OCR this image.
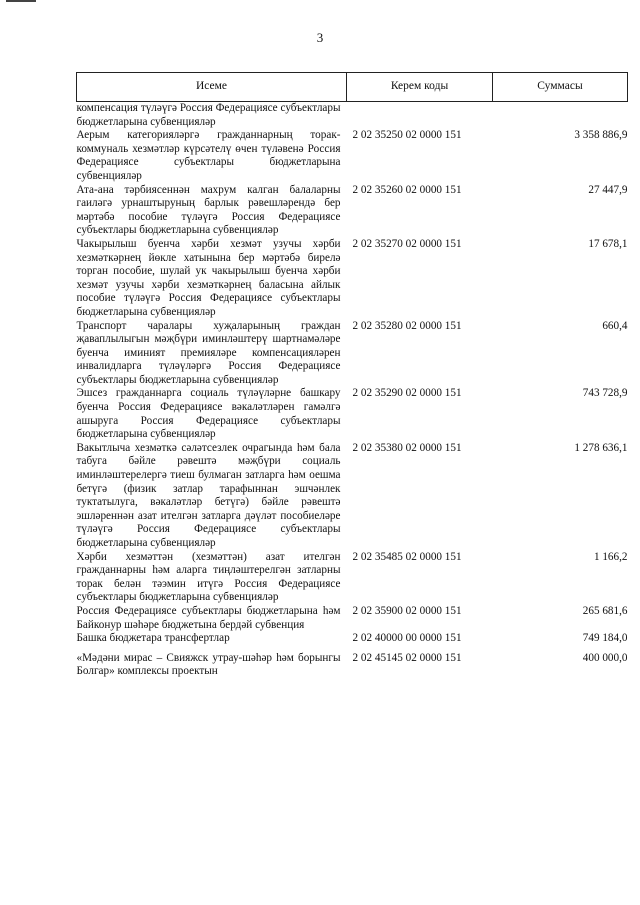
3
Исеме	Керем коды	Суммасы
компенсация түләүгә Россия Федерациясе субъектлары бюджетларына субвенцияләр		
Аерым категорияләргә гражданнарның торак-коммуналь хезмәтләр күрсәтелү өчен түләвенә Россия Федерациясе субъектлары бюджетларына субвенцияләр	2 02 35250 02 0000 151	3 358 886,9
Ата-ана тәрбиясеннән махрум калган балаларны гаиләгә урнаштыруның барлык рәвешләрендә бер мәртәбә пособие түләүгә Россия Федерациясе субъектлары бюджетларына субвенцияләр	2 02 35260 02 0000 151	27 447,9
Чакырылыш буенча хәрби хезмәт узучы хәрби хезмәткәрнең йөкле хатынына бер мәртәбә бирелә торган пособие, шулай ук чакырылыш буенча хәрби хезмәт узучы хәрби хезмәткәрнең баласына айлык пособие түләүгә Россия Федерациясе субъектлары бюджетларына субвенцияләр	2 02 35270 02 0000 151	17 678,1
Транспорт чаралары хуҗаларының граждан җаваплылыгын мәҗбүри иминләштерү шартнамәләре буенча иминият премияләре компенсацияләрен инвалидларга түләүләргә Россия Федерациясе субъектлары бюджетларына субвенцияләр	2 02 35280 02 0000 151	660,4
Эшсез гражданнарга социаль түләүләрне башкару буенча Россия Федерациясе вәкаләтләрен гамәлгә ашыруга Россия Федерациясе субъектлары бюджетларына субвенцияләр	2 02 35290 02 0000 151	743 728,9
Вакытлыча хезмәткә сәләтсезлек очрагында һәм бала табуга бәйле рәвештә мәҗбүри социаль иминләштерелергә тиеш булмаган затларга һәм оешма бетүгә (физик затлар тарафыннан эшчәнлек туктатылуга, вәкаләтләр бетүгә) бәйле рәвештә эшләреннән азат ителгән затларга дәүләт пособиеләре түләүгә Россия Федерациясе субъектлары бюджетларына субвенцияләр	2 02 35380 02 0000 151	1 278 636,1
Хәрби хезмәттән (хезмәттән) азат ителгән гражданнарны һәм аларга тиңләштерелгән затларны торак белән тәэмин итүгә Россия Федерациясе субъектлары бюджетларына субвенцияләр	2 02 35485 02 0000 151	1 166,2
Россия Федерациясе субъектлары бюджетларына һәм Байконур шәһәре бюджетына бердәй субвенция	2 02 35900 02 0000 151	265 681,6
Башка бюджетара трансфертлар	2 02 40000 00 0000 151	749 184,0
«Мәдәни мирас – Свияжск утрау-шәһәр һәм борынгы Болгар» комплексы проектын	2 02 45145 02 0000 151	400 000,0
